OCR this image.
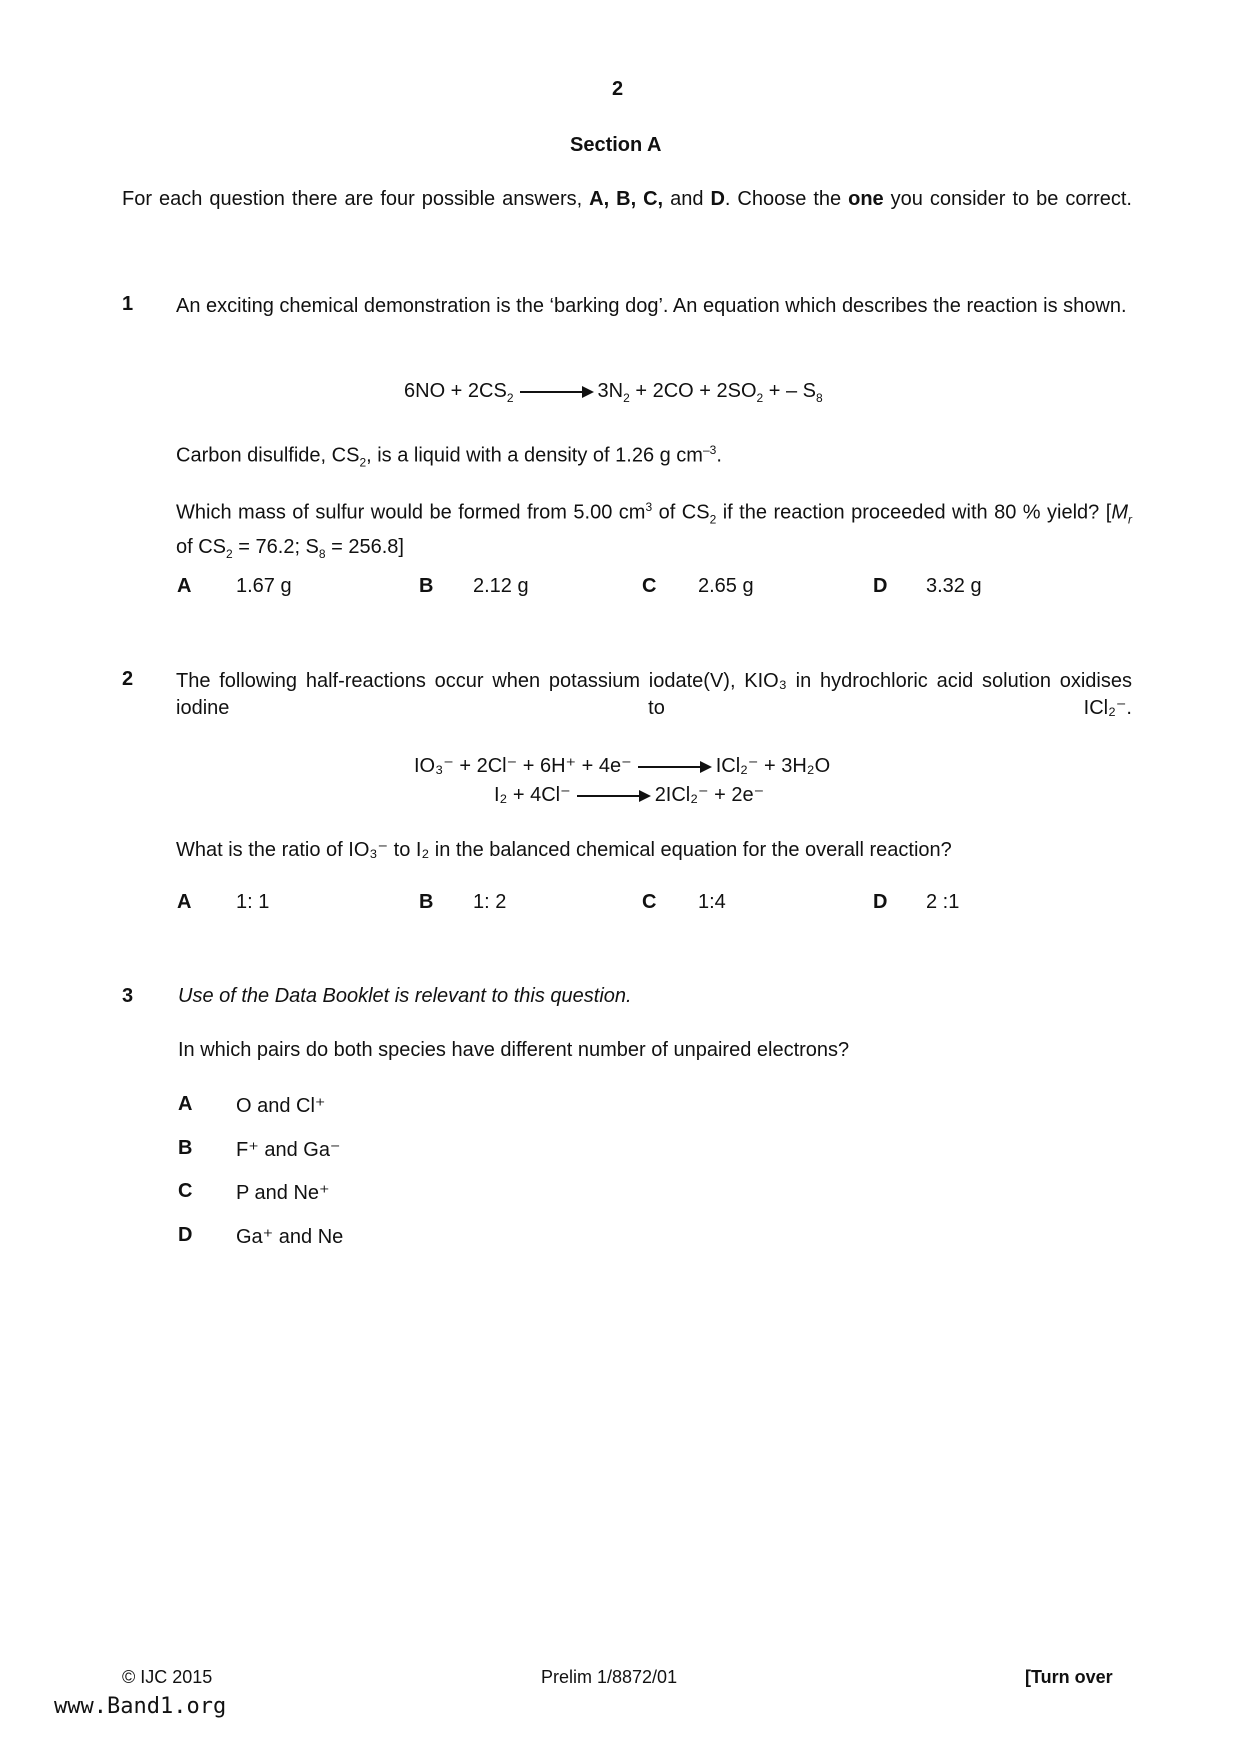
2
Section A
For each question there are four possible answers, A, B, C, and D. Choose the one you consider to be correct.
1 An exciting chemical demonstration is the ‘barking dog’. An equation which describes the reaction is shown.
$6NO + 2CS_2$	$3N_2 + 2CO + 2SO_2$ + – $S_8$
Carbon disulfide, $CS_2$, is a liquid with a density of 1.26 g $cm^{-3}$.
Which mass of sulfur would be formed from 5.00 $cm^3$ of $CS_2$ if the reaction proceeded with 80 % yield? [$M_r$ of $CS_2 = 76.2$; $S_8 = 256.8$]
A 1.67 g	B 2.12 g	C 2.65 g	D 3.32 g
2 The following half-reactions occur when potassium iodate(V), KIO₃ in hydrochloric acid solution oxidises iodine to ICl₂⁻.
IO₃⁻ + 2Cl⁻ + 6H⁺ + 4e⁻	ICl₂⁻ + 3H₂O
I₂ + 4Cl⁻	2ICl₂⁻ + 2e⁻
What is the ratio of IO₃⁻ to I₂ in the balanced chemical equation for the overall reaction?
A 1: 1	B 1: 2	C 1:4	D 2 :1
3 Use of the Data Booklet is relevant to this question.
In which pairs do both species have different number of unpaired electrons?
A O and Cl⁺
B F⁺ and Ga⁻
C P and Ne⁺
D Ga⁺ and Ne
© IJC 2015	Prelim 1/8872/01	[Turn over
www.Band1.org
